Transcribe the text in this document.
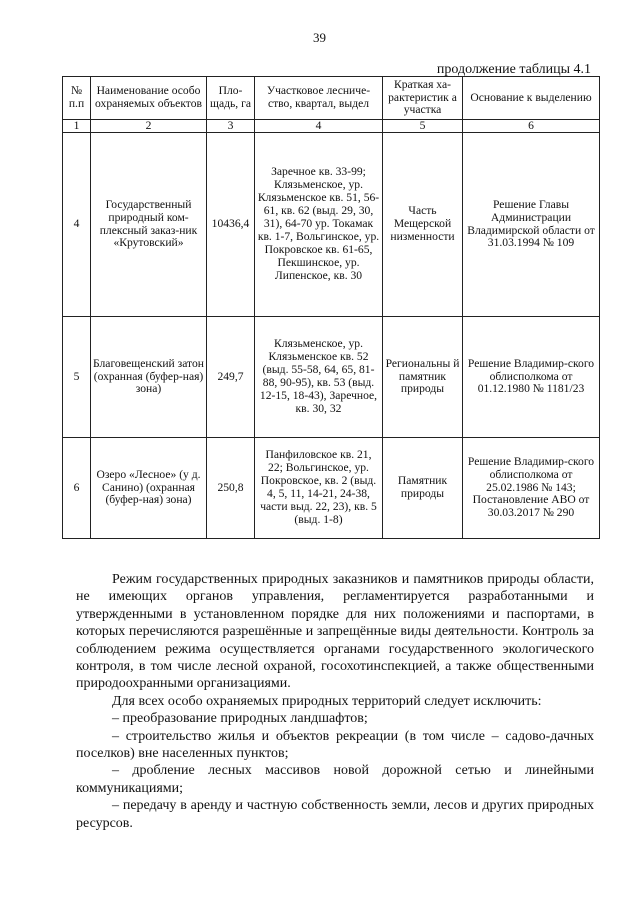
39
продолжение таблицы 4.1
№ п.п	Наименование особо охраняемых объектов	Пло-щадь, га	Участковое лесниче-ство, квартал, выдел	Краткая ха-рактеристик а участка	Основание к выделению
1	2	3	4	5	6
4	Государственный природный ком-плексный заказ-ник «Крутовский»	10436,4	Заречное кв. 33-99; Клязьменское, ур. Клязьменское кв. 51, 56-61, кв. 62 (выд. 29, 30, 31), 64-70 ур. Токамак кв. 1-7, Вольгинское, ур. Покровское кв. 61-65, Пекшинское, ур. Липенское, кв. 30	Часть Мещерской низменности	Решение Главы Администрации Владимирской области от 31.03.1994 № 109
5	Благовещенский затон (охранная (буфер-ная) зона)	249,7	Клязьменское, ур. Клязьменское кв. 52 (выд. 55-58, 64, 65, 81-88, 90-95), кв. 53 (выд. 12-15, 18-43), Заречное, кв. 30, 32	Региональны й памятник природы	Решение Владимир-ского облисполкома от 01.12.1980 № 1181/23
6	Озеро «Лесное» (у д. Санино) (охранная (буфер-ная) зона)	250,8	Панфиловское кв. 21, 22; Вольгинское, ур. Покровское, кв. 2 (выд. 4, 5, 11, 14-21, 24-38, части выд. 22, 23), кв. 5 (выд. 1-8)	Памятник природы	Решение Владимир-ского облисполкома от 25.02.1986 № 143; Постановление АВО от 30.03.2017 № 290

Режим государственных природных заказников и памятников природы области, не имеющих органов управления, регламентируется разработанными и утвержденными в установленном порядке для них положениями и паспортами, в которых перечисляются разрешённые и запрещённые виды деятельности. Контроль за соблюдением режима осуществляется органами государственного экологического контроля, в том числе лесной охраной, госохотинспекцией, а также общественными природоохранными организациями.

Для всех особо охраняемых природных территорий следует исключить:

– преобразование природных ландшафтов;

– строительство жилья и объектов рекреации (в том числе – садово-дачных поселков) вне населенных пунктов;

– дробление лесных массивов новой дорожной сетью и линейными коммуникациями;

– передачу в аренду и частную собственность земли, лесов и других природных ресурсов.
